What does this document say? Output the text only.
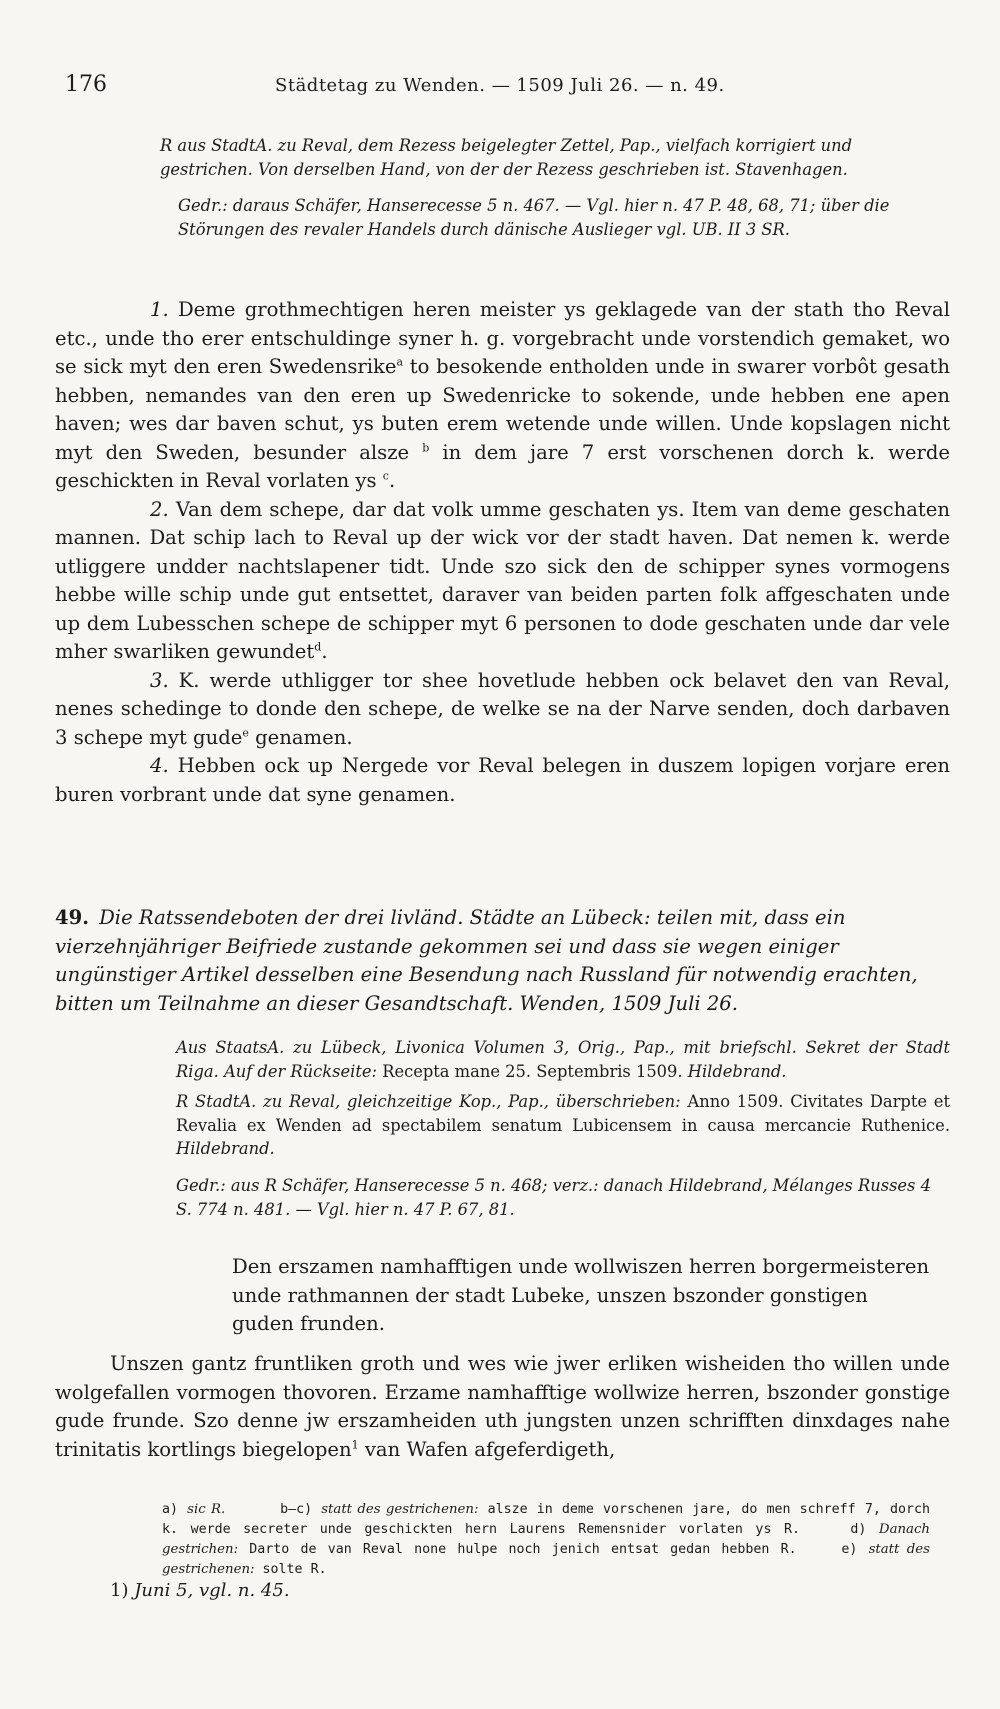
176	Städtetag zu Wenden. — 1509 Juli 26. — n. 49.
R aus StadtA. zu Reval, dem Rezess beigelegter Zettel, Pap., vielfach korrigiert und gestrichen. Von derselben Hand, von der der Rezess geschrieben ist. Stavenhagen.
Gedr.: daraus Schäfer, Hanserecesse 5 n. 467. — Vgl. hier n. 47 P. 48, 68, 71; über die Störungen des revaler Handels durch dänische Auslieger vgl. UB. II 3 SR.

1. Deme grothmechtigen heren meister ys geklagede van der stath tho Reval etc., unde tho erer entschuldinge syner h. g. vorgebracht unde vorstendich gemaket, wo se sick myt den eren Swedensrike$^a$ to besokende entholden unde in swarer vorbôt gesath hebben, nemandes van den eren up Swedenricke to sokende, unde hebben ene apen haven; wes dar baven schut, ys buten erem wetende unde willen. Unde kopslagen nicht myt den Sweden, besunder alsze $^b$ in dem jare 7 erst vorschenen dorch k. werde geschickten in Reval vorlaten ys $^c$.

2. Van dem schepe, dar dat volk umme geschaten ys. Item van deme geschaten mannen. Dat schip lach to Reval up der wick vor der stadt haven. Dat nemen k. werde utliggere undder nachtslapener tidt. Unde szo sick den de schipper synes vormogens hebbe wille schip unde gut entsettet, daraver van beiden parten folk affgeschaten unde up dem Lubesschen schepe de schipper myt 6 personen to dode geschaten unde dar vele mher swarliken gewundet$^d$.

3. K. werde uthligger tor shee hovetlude hebben ock belavet den van Reval, nenes schedinge to donde den schepe, de welke se na der Narve senden, doch darbaven 3 schepe myt gude$^e$ genamen.

4. Hebben ock up Nergede vor Reval belegen in duszem lopigen vorjare eren buren vorbrant unde dat syne genamen.

49. Die Ratssendeboten der drei livländ. Städte an Lübeck: teilen mit, dass ein vierzehnjähriger Beifriede zustande gekommen sei und dass sie wegen einiger ungünstiger Artikel desselben eine Besendung nach Russland für notwendig erachten, bitten um Teilnahme an dieser Gesandtschaft. Wenden, 1509 Juli 26.
Aus StaatsA. zu Lübeck, Livonica Volumen 3, Orig., Pap., mit briefschl. Sekret der Stadt Riga. Auf der Rückseite: Recepta mane 25. Septembris 1509. Hildebrand.
R StadtA. zu Reval, gleichzeitige Kop., Pap., überschrieben: Anno 1509. Civitates Darpte et Revalia ex Wenden ad spectabilem senatum Lubicensem in causa mercancie Ruthenice. Hildebrand.
Gedr.: aus R Schäfer, Hanserecesse 5 n. 468; verz.: danach Hildebrand, Mélanges Russes 4 S. 774 n. 481. — Vgl. hier n. 47 P. 67, 81.
Den erszamen namhafftigen unde wollwiszen herren borgermeisteren unde rathmannen der stadt Lubeke, unszen bszonder gonstigen guden frunden.

Unszen gantz fruntliken groth und wes wie jwer erliken wisheiden tho willen unde wolgefallen vormogen thovoren. Erzame namhafftige wollwize herren, bszonder gonstige gude frunde. Szo denne jw erszamheiden uth jungsten unzen schrifften dinxdages nahe trinitatis kortlings biegelopen$^1$ van Wafen afgeferdigeth,

a) sic R.	b—c) statt des gestrichenen: alsze in deme vorschenen jare, do men schreff 7, dorch k. werde secreter unde geschickten hern Laurens Remensnider vorlaten ys R.	d) Danach gestrichen: Darto de van Reval none hulpe noch jenich entsat gedan hebben R.	e) statt des gestrichenen: solte R.
1) Juni 5, vgl. n. 45.
